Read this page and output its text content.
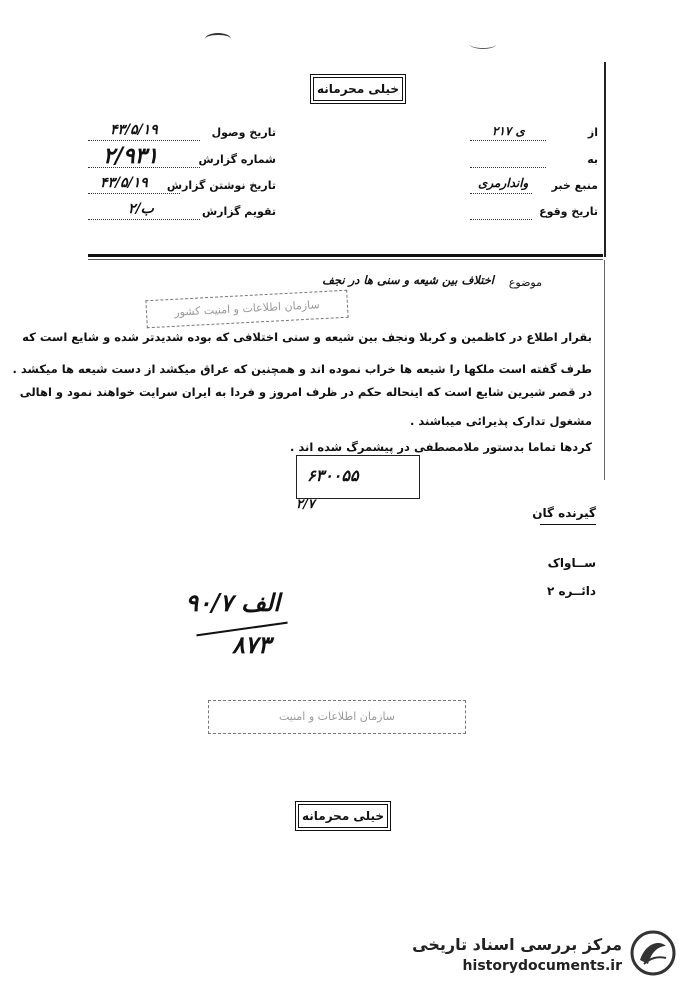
خیلی محرمانه
تاریخ وصول
۴۳/۵/۱۹
شماره گزارش
۲/۹۳۱
تاریخ نوشتن گزارش
۴۳/۵/۱۹
تقویم گزارش
ب/۲
از
ی ۲۱۷
به
منبع خبر
واندارمری
تاریخ وقوع
موضوع
اختلاف بین شیعه و سنی ها در نجف
سازمان اطلاعات و امنیت کشور
بقرار اطلاع در کاظمین و کربلا ونجف بین شیعه و سنی اختلافی که بوده شدیدتر شده و شایع است که
طرف گفته است ملکها را شیعه ها خراب نموده اند و همچنین که عراق میکشد از دست شیعه ها میکشد .
در قصر شیرین شایع است که اینحاله حکم در ظرف امروز و فردا به ایران سرایت خواهند نمود و اهالی
مشغول تدارک پذیرائی میباشند .
کردها تماما بدستور ملامصطفی در پیشمرگ شده اند .
۶۳۰۰۵۵
۲/۷
گیرنده گان
ســاواک
دائــره ۲
الف ۹۰/۷
۸۷۳
سازمان اطلاعات و امنیت
خیلی محرمانه
مرکز بررسی اسناد تاریخی
historydocuments.ir
